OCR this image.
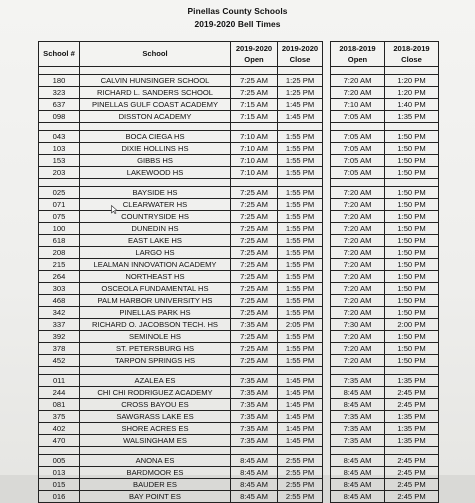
Pinellas County Schools
2019-2020 Bell Times
School #	School	2019-2020 Open	2019-2020 Close		2018-2019 Open	2018-2019 Close

180	CALVIN HUNSINGER SCHOOL	7:25 AM	1:25 PM		7:20 AM	1:20 PM
323	RICHARD L. SANDERS SCHOOL	7:25 AM	1:25 PM		7:20 AM	1:20 PM
637	PINELLAS GULF COAST ACADEMY	7:15 AM	1:45 PM		7:10 AM	1:40 PM
098	DISSTON ACADEMY	7:15 AM	1:45 PM		7:05 AM	1:35 PM

043	BOCA CIEGA HS	7:10 AM	1:55 PM		7:05 AM	1:50 PM
103	DIXIE HOLLINS HS	7:10 AM	1:55 PM		7:05 AM	1:50 PM
153	GIBBS HS	7:10 AM	1:55 PM		7:05 AM	1:50 PM
203	LAKEWOOD HS	7:10 AM	1:55 PM		7:05 AM	1:50 PM

025	BAYSIDE HS	7:25 AM	1:55 PM		7:20 AM	1:50 PM
071	CLEARWATER HS	7:25 AM	1:55 PM		7:20 AM	1:50 PM
075	COUNTRYSIDE HS	7:25 AM	1:55 PM		7:20 AM	1:50 PM
100	DUNEDIN HS	7:25 AM	1:55 PM		7:20 AM	1:50 PM
618	EAST LAKE HS	7:25 AM	1:55 PM		7:20 AM	1:50 PM
208	LARGO HS	7:25 AM	1:55 PM		7:20 AM	1:50 PM
215	LEALMAN INNOVATION ACADEMY	7:25 AM	1:55 PM		7:20 AM	1:50 PM
264	NORTHEAST HS	7:25 AM	1:55 PM		7:20 AM	1:50 PM
303	OSCEOLA FUNDAMENTAL HS	7:25 AM	1:55 PM		7:20 AM	1:50 PM
468	PALM HARBOR UNIVERSITY HS	7:25 AM	1:55 PM		7:20 AM	1:50 PM
342	PINELLAS PARK HS	7:25 AM	1:55 PM		7:20 AM	1:50 PM
337	RICHARD O. JACOBSON TECH. HS	7:35 AM	2:05 PM		7:30 AM	2:00 PM
392	SEMINOLE HS	7:25 AM	1:55 PM		7:20 AM	1:50 PM
378	ST. PETERSBURG HS	7:25 AM	1:55 PM		7:20 AM	1:50 PM
452	TARPON SPRINGS HS	7:25 AM	1:55 PM		7:20 AM	1:50 PM

011	AZALEA ES	7:35 AM	1:45 PM		7:35 AM	1:35 PM
244	CHI CHI RODRIGUEZ ACADEMY	7:35 AM	1:45 PM		8:45 AM	2:45 PM
081	CROSS BAYOU ES	7:35 AM	1:45 PM		8:45 AM	2:45 PM
375	SAWGRASS LAKE ES	7:35 AM	1:45 PM		7:35 AM	1:35 PM
402	SHORE ACRES ES	7:35 AM	1:45 PM		7:35 AM	1:35 PM
470	WALSINGHAM ES	7:35 AM	1:45 PM		7:35 AM	1:35 PM

005	ANONA ES	8:45 AM	2:55 PM		8:45 AM	2:45 PM
013	BARDMOOR ES	8:45 AM	2:55 PM		8:45 AM	2:45 PM
015	BAUDER ES	8:45 AM	2:55 PM		8:45 AM	2:45 PM
016	BAY POINT ES	8:45 AM	2:55 PM		8:45 AM	2:45 PM
